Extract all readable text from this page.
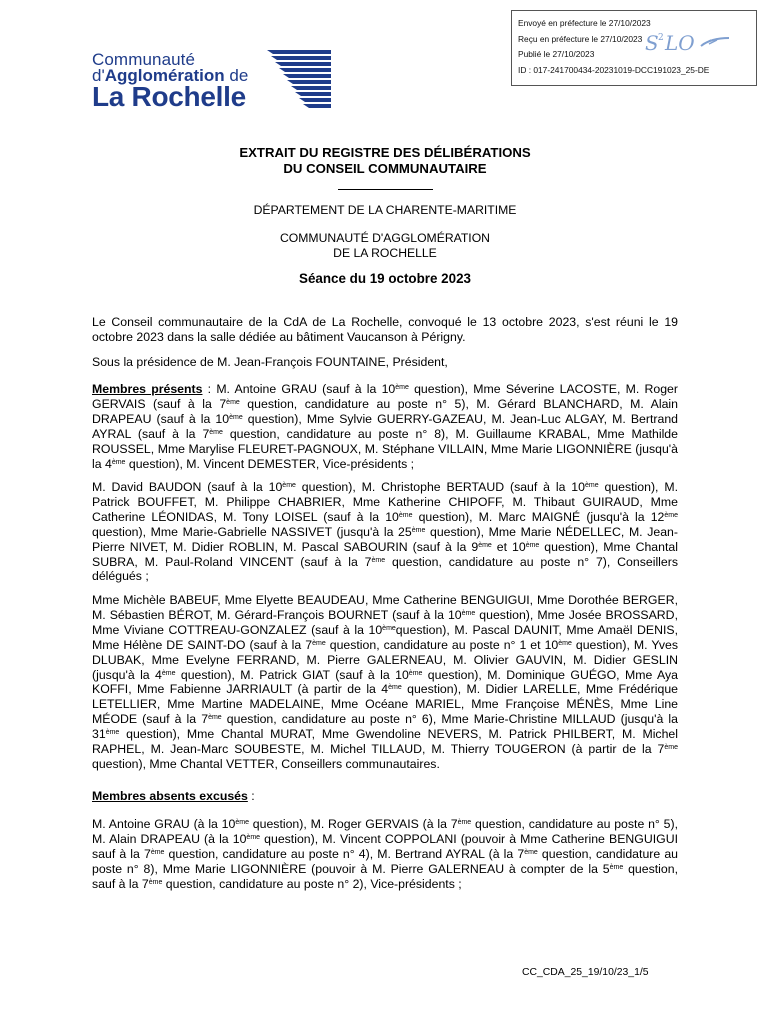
Envoyé en préfecture le 27/10/2023
Reçu en préfecture le 27/10/2023
Publié le 27/10/2023
ID : 017-241700434-20231019-DCC191023_25-DE
S 2 LO
Communauté
d'Agglomération de
La Rochelle
EXTRAIT DU REGISTRE DES DÉLIBÉRATIONS
DU CONSEIL COMMUNAUTAIRE
DÉPARTEMENT DE LA CHARENTE-MARITIME
COMMUNAUTÉ D'AGGLOMÉRATION
DE LA ROCHELLE
Séance du 19 octobre 2023
Le Conseil communautaire de la CdA de La Rochelle, convoqué le 13 octobre 2023, s'est réuni le 19 octobre 2023 dans la salle dédiée au bâtiment Vaucanson à Périgny.
Sous la présidence de M. Jean-François FOUNTAINE, Président,
Membres présents : M. Antoine GRAU (sauf à la 10ème question), Mme Séverine LACOSTE, M. Roger GERVAIS (sauf à la 7ème question, candidature au poste n° 5), M. Gérard BLANCHARD, M. Alain DRAPEAU (sauf à la 10ème question), Mme Sylvie GUERRY-GAZEAU, M. Jean-Luc ALGAY, M. Bertrand AYRAL (sauf à la 7ème question, candidature au poste n° 8), M. Guillaume KRABAL, Mme Mathilde ROUSSEL, Mme Marylise FLEURET-PAGNOUX, M. Stéphane VILLAIN, Mme Marie LIGONNIÈRE (jusqu'à la 4ème question), M. Vincent DEMESTER, Vice-présidents ;
M. David BAUDON (sauf à la 10ème question), M. Christophe BERTAUD (sauf à la 10ème question), M. Patrick BOUFFET, M. Philippe CHABRIER, Mme Katherine CHIPOFF, M. Thibaut GUIRAUD, Mme Catherine LÉONIDAS, M. Tony LOISEL (sauf à la 10ème question), M. Marc MAIGNÉ (jusqu'à la 12ème question), Mme Marie-Gabrielle NASSIVET (jusqu'à la 25ème question), Mme Marie NÉDELLEC, M. Jean-Pierre NIVET, M. Didier ROBLIN, M. Pascal SABOURIN (sauf à la 9ème et 10ème question), Mme Chantal SUBRA, M. Paul-Roland VINCENT (sauf à la 7ème question, candidature au poste n° 7), Conseillers délégués ;
Mme Michèle BABEUF, Mme Elyette BEAUDEAU, Mme Catherine BENGUIGUI, Mme Dorothée BERGER, M. Sébastien BÉROT, M. Gérard-François BOURNET (sauf à la 10ème question), Mme Josée BROSSARD, Mme Viviane COTTREAU-GONZALEZ (sauf à la 10èmequestion), M. Pascal DAUNIT, Mme Amaël DENIS, Mme Hélène DE SAINT-DO (sauf à la 7ème question, candidature au poste n° 1 et 10ème question), M. Yves DLUBAK, Mme Evelyne FERRAND, M. Pierre GALERNEAU, M. Olivier GAUVIN, M. Didier GESLIN (jusqu'à la 4ème question), M. Patrick GIAT (sauf à la 10ème question), M. Dominique GUÉGO, Mme Aya KOFFI, Mme Fabienne JARRIAULT (à partir de la 4ème question), M. Didier LARELLE, Mme Frédérique LETELLIER, Mme Martine MADELAINE, Mme Océane MARIEL, Mme Françoise MÉNÈS, Mme Line MÉODE (sauf à la 7ème question, candidature au poste n° 6), Mme Marie-Christine MILLAUD (jusqu'à la 31ème question), Mme Chantal MURAT, Mme Gwendoline NEVERS, M. Patrick PHILBERT, M. Michel RAPHEL, M. Jean-Marc SOUBESTE, M. Michel TILLAUD, M. Thierry TOUGERON (à partir de la 7ème question), Mme Chantal VETTER, Conseillers communautaires.
Membres absents excusés :
M. Antoine GRAU (à la 10ème question), M. Roger GERVAIS (à la 7ème question, candidature au poste n° 5), M. Alain DRAPEAU (à la 10ème question), M. Vincent COPPOLANI (pouvoir à Mme Catherine BENGUIGUI sauf à la 7ème question, candidature au poste n° 4), M. Bertrand AYRAL (à la 7ème question, candidature au poste n° 8), Mme Marie LIGONNIÈRE (pouvoir à M. Pierre GALERNEAU à compter de la 5ème question, sauf à la 7ème question, candidature au poste n° 2), Vice-présidents ;
CC_CDA_25_19/10/23_1/5
